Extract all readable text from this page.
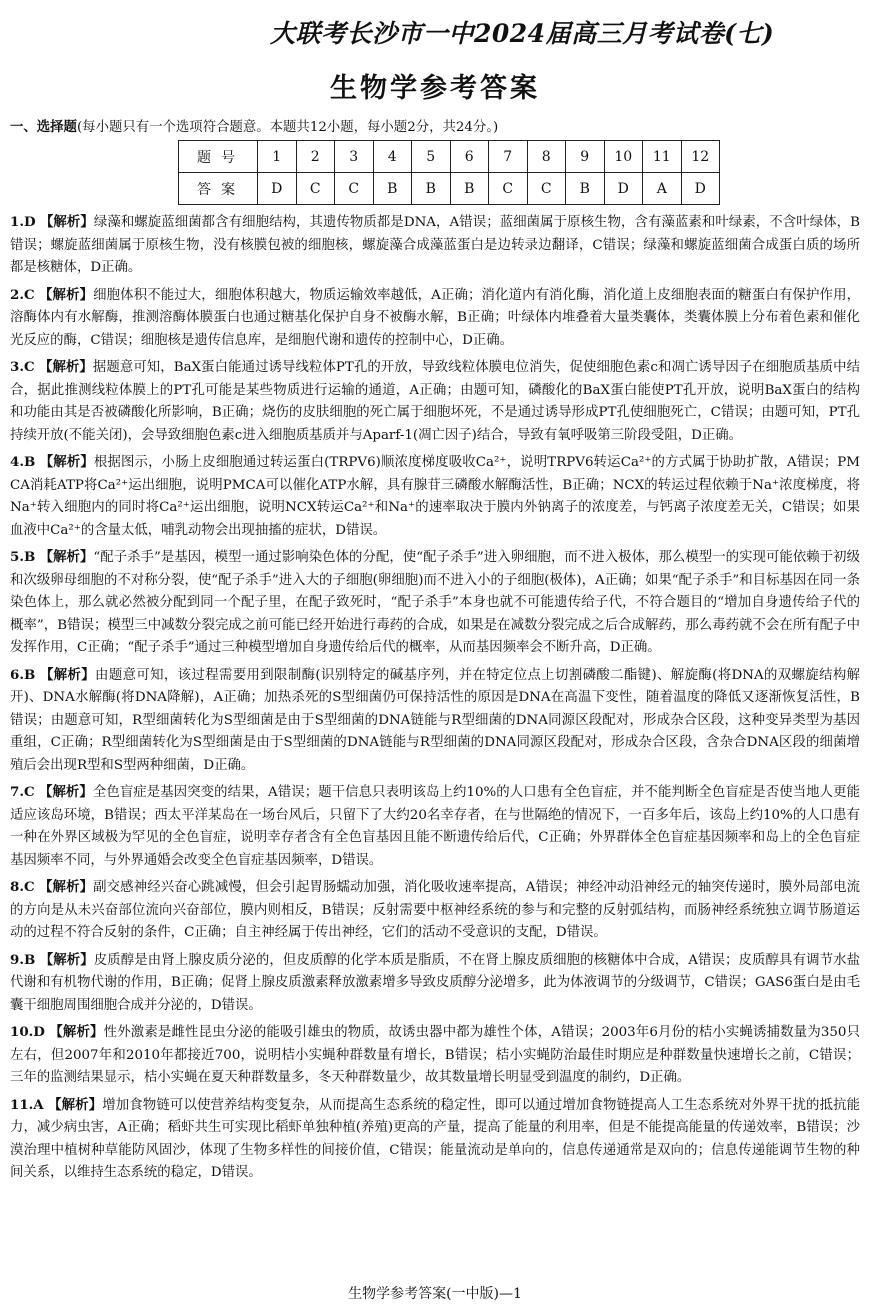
大联考长沙市一中2024届高三月考试卷(七)
生物学参考答案
一、选择题(每小题只有一个选项符合题意。本题共12小题，每小题2分，共24分。)
题号	1	2	3	4	5	6	7	8	9	10	11	12
答案	D	C	C	B	B	B	C	C	B	D	A	D

1.D 【解析】绿藻和螺旋蓝细菌都含有细胞结构，其遗传物质都是DNA，A错误；蓝细菌属于原核生物，含有藻蓝素和叶绿素，不含叶绿体，B错误；螺旋蓝细菌属于原核生物，没有核膜包被的细胞核，螺旋藻合成藻蓝蛋白是边转录边翻译，C错误；绿藻和螺旋蓝细菌合成蛋白质的场所都是核糖体，D正确。

2.C 【解析】细胞体积不能过大，细胞体积越大，物质运输效率越低，A正确；消化道内有消化酶，消化道上皮细胞表面的糖蛋白有保护作用，溶酶体内有水解酶，推测溶酶体膜蛋白也通过糖基化保护自身不被酶水解，B正确；叶绿体内堆叠着大量类囊体，类囊体膜上分布着色素和催化光反应的酶，C错误；细胞核是遗传信息库，是细胞代谢和遗传的控制中心，D正确。

3.C 【解析】据题意可知，BaX蛋白能通过诱导线粒体PT孔的开放，导致线粒体膜电位消失，促使细胞色素c和凋亡诱导因子在细胞质基质中结合，据此推测线粒体膜上的PT孔可能是某些物质进行运输的通道，A正确；由题可知，磷酸化的BaX蛋白能使PT孔开放，说明BaX蛋白的结构和功能由其是否被磷酸化所影响，B正确；烧伤的皮肤细胞的死亡属于细胞坏死，不是通过诱导形成PT孔使细胞死亡，C错误；由题可知，PT孔持续开放(不能关闭)，会导致细胞色素c进入细胞质基质并与Aparf-1(凋亡因子)结合，导致有氧呼吸第三阶段受阻，D正确。

4.B 【解析】根据图示，小肠上皮细胞通过转运蛋白(TRPV6)顺浓度梯度吸收Ca²⁺，说明TRPV6转运Ca²⁺的方式属于协助扩散，A错误；PMCA消耗ATP将Ca²⁺运出细胞，说明PMCA可以催化ATP水解，具有腺苷三磷酸水解酶活性，B正确；NCX的转运过程依赖于Na⁺浓度梯度，将Na⁺转入细胞内的同时将Ca²⁺运出细胞，说明NCX转运Ca²⁺和Na⁺的速率取决于膜内外钠离子的浓度差，与钙离子浓度差无关，C错误；如果血液中Ca²⁺的含量太低，哺乳动物会出现抽搐的症状，D错误。

5.B 【解析】“配子杀手”是基因，模型一通过影响染色体的分配，使“配子杀手”进入卵细胞，而不进入极体，那么模型一的实现可能依赖于初级和次级卵母细胞的不对称分裂，使“配子杀手”进入大的子细胞(卵细胞)而不进入小的子细胞(极体)，A正确；如果“配子杀手”和目标基因在同一条染色体上，那么就必然被分配到同一个配子里，在配子致死时，“配子杀手”本身也就不可能遗传给子代，不符合题目的“增加自身遗传给子代的概率”，B错误；模型三中减数分裂完成之前可能已经开始进行毒药的合成，如果是在减数分裂完成之后合成解药，那么毒药就不会在所有配子中发挥作用，C正确；“配子杀手”通过三种模型增加自身遗传给后代的概率，从而基因频率会不断升高，D正确。

6.B 【解析】由题意可知，该过程需要用到限制酶(识别特定的碱基序列，并在特定位点上切割磷酸二酯键)、解旋酶(将DNA的双螺旋结构解开)、DNA水解酶(将DNA降解)，A正确；加热杀死的S型细菌仍可保持活性的原因是DNA在高温下变性，随着温度的降低又逐渐恢复活性，B错误；由题意可知，R型细菌转化为S型细菌是由于S型细菌的DNA链能与R型细菌的DNA同源区段配对，形成杂合区段，这种变异类型为基因重组，C正确；R型细菌转化为S型细菌是由于S型细菌的DNA链能与R型细菌的DNA同源区段配对，形成杂合区段，含杂合DNA区段的细菌增殖后会出现R型和S型两种细菌，D正确。

7.C 【解析】全色盲症是基因突变的结果，A错误；题干信息只表明该岛上约10%的人口患有全色盲症，并不能判断全色盲症是否使当地人更能适应该岛环境，B错误；西太平洋某岛在一场台风后，只留下了大约20名幸存者，在与世隔绝的情况下，一百多年后，该岛上约10%的人口患有一种在外界区域极为罕见的全色盲症，说明幸存者含有全色盲基因且能不断遗传给后代，C正确；外界群体全色盲症基因频率和岛上的全色盲症基因频率不同，与外界通婚会改变全色盲症基因频率，D错误。

8.C 【解析】副交感神经兴奋心跳减慢，但会引起胃肠蠕动加强，消化吸收速率提高，A错误；神经冲动沿神经元的轴突传递时，膜外局部电流的方向是从未兴奋部位流向兴奋部位，膜内则相反，B错误；反射需要中枢神经系统的参与和完整的反射弧结构，而肠神经系统独立调节肠道运动的过程不符合反射的条件，C正确；自主神经属于传出神经，它们的活动不受意识的支配，D错误。

9.B 【解析】皮质醇是由肾上腺皮质分泌的，但皮质醇的化学本质是脂质，不在肾上腺皮质细胞的核糖体中合成，A错误；皮质醇具有调节水盐代谢和有机物代谢的作用，B正确；促肾上腺皮质激素释放激素增多导致皮质醇分泌增多，此为体液调节的分级调节，C错误；GAS6蛋白是由毛囊干细胞周围细胞合成并分泌的，D错误。

10.D 【解析】性外激素是雌性昆虫分泌的能吸引雄虫的物质，故诱虫器中都为雄性个体，A错误；2003年6月份的桔小实蝇诱捕数量为350只左右，但2007年和2010年都接近700，说明桔小实蝇种群数量有增长，B错误；桔小实蝇防治最佳时期应是种群数量快速增长之前，C错误；三年的监测结果显示，桔小实蝇在夏天种群数量多，冬天种群数量少，故其数量增长明显受到温度的制约，D正确。

11.A 【解析】增加食物链可以使营养结构变复杂，从而提高生态系统的稳定性，即可以通过增加食物链提高人工生态系统对外界干扰的抵抗能力，减少病虫害，A正确；稻虾共生可实现比稻虾单独种植(养殖)更高的产量，提高了能量的利用率，但是不能提高能量的传递效率，B错误；沙漠治理中植树种草能防风固沙，体现了生物多样性的间接价值，C错误；能量流动是单向的，信息传递通常是双向的；信息传递能调节生物的种间关系，以维持生态系统的稳定，D错误。

生物学参考答案(一中版)—1
